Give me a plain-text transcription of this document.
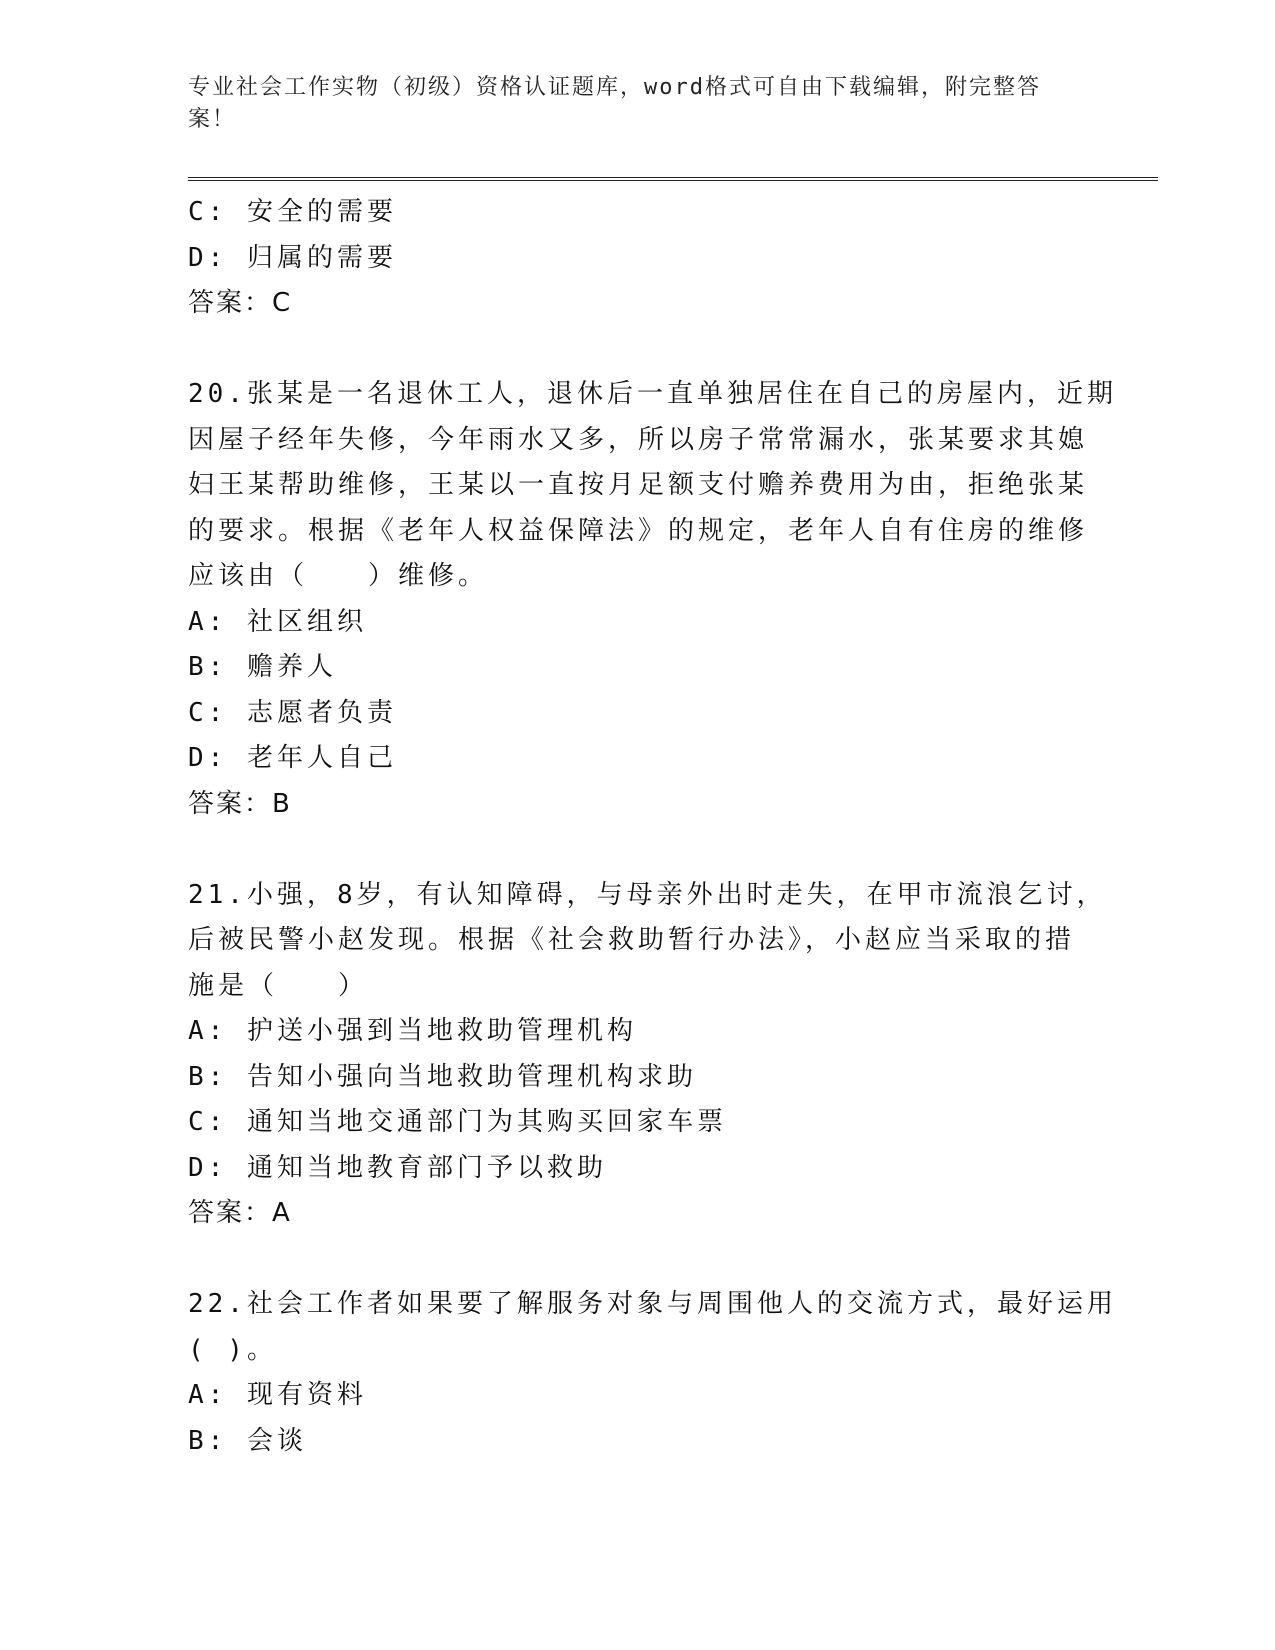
专业社会工作实物（初级）资格认证题库，word格式可自由下载编辑，附完整答
案！
C: 安全的需要
D: 归属的需要
答案：C
20.张某是一名退休工人，退休后一直单独居住在自己的房屋内，近期
因屋子经年失修，今年雨水又多，所以房子常常漏水，张某要求其媳
妇王某帮助维修，王某以一直按月足额支付赡养费用为由，拒绝张某
的要求。根据《老年人权益保障法》的规定，老年人自有住房的维修
应该由（　　）维修。
A: 社区组织
B: 赡养人
C: 志愿者负责
D: 老年人自己
答案：B
21.小强，8岁，有认知障碍，与母亲外出时走失，在甲市流浪乞讨，
后被民警小赵发现。根据《社会救助暂行办法》，小赵应当采取的措
施是（　　）
A: 护送小强到当地救助管理机构
B: 告知小强向当地救助管理机构求助
C: 通知当地交通部门为其购买回家车票
D: 通知当地教育部门予以救助
答案：A
22.社会工作者如果要了解服务对象与周围他人的交流方式，最好运用
( )。
A: 现有资料
B: 会谈
